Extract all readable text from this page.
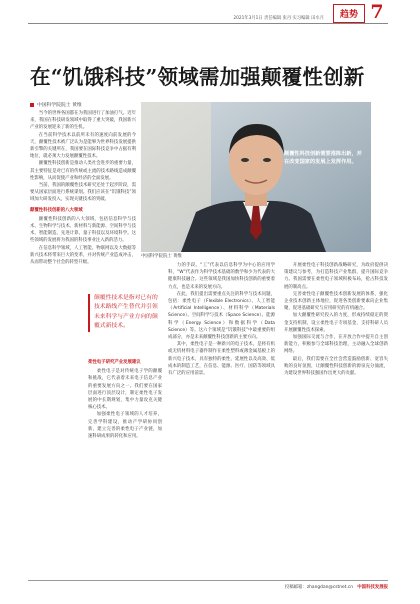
2021年3月1日 责任编辑 张丹 实习编辑 田水月	趋势 7
在“饥饿科技”领域需加强颠覆性创新
中国科学院院士 黄维

当今的世界各国都在为我国进行了加油打气。近年来，我国在科技研发领域中取得了重大突破，我国新兴产业的发展迎来了新的生机。

在当前科学技术以前所未有的速度向前发展的今天，颠覆性技术被广泛认为是能够为世界科技发展提供新引擎的关键所在，我国要在国际科技竞争中占据有利地位，就必须大力发展颠覆性技术。

颠覆性科技创新是推动人类社会进步的重要力量，其主要特征是对已有的传统或主流的技术路线造成颠覆性影响，从而促使产业和经济的全面发展。

当前，我国的颠覆性技术研究还处于起步阶段，需要从国家层面进行系统谋划。我们应该在“饥饿科技”领域加大研发投入，实现关键技术的突破。

颠覆性科技创新的八大领域

颠覆性科技创新的八大领域，包括信息科学与技术、生物科学与技术、新材料与新能源、空间科学与技术、智能制造、先进计算、量子科技以及环境科学。这些领域的发展将为我国的科技事业注入新的活力。

在信息科学领域，人工智能、物联网以及大数据等新兴技术将带来巨大的变革，并对传统产业造成冲击，从而带动整个社会的转型升级。

颠覆性科技创新需要推陈出新，并在改变国家的发展上发挥作用。
中国科学院院士 黄维
颠覆性技术是指对已有的技术路线产生替代并引领未来科学与产业方向的颠覆式新技术。

力的手段。“工”代表以信息科学为中心的应用学科，“W”代表作为科学技术基础的数学和少为代表的大健康科技融合。这些领域是我国加快科技创新的重要着力点，也是未来的发展方向。

在此，我们提出需要重点关注的科学与技术问题，包括：柔性电子（Flexible Electronics）、人工智能（Artificial Intelligence）、材料科学（Materials Science）、空间科学与技术（Space Science）、能源科学（Energy Science）和数据科学（Data Science）等。这六个领域是“饥饿科技”中最重要的组成部分，亦是未来颠覆性科技创新的主要方向。

其中，柔性电子是一种新兴的电子技术，是将有机或无机材料电子器件制作在柔性塑料或薄金属基板上的新兴电子技术，具有独特的柔性、延展性以及高效、低成本的制造工艺，在信息、能源、医疗、国防等领域具有广泛的应用前景。

柔性电子研究产业发展建议

柔性电子是对传统电子学的颠覆和挑战，它代表着未来电子信息产业的重要发展方向之一。我们要在国家层面进行顶层设计，制定柔性电子发展的中长期规划，集中力量攻克关键核心技术。

加强柔性电子领域的人才培养，完善学科建设，推动产学研协同创新，建立完善的柔性电子产业链，加速科研成果的转化和应用。

开展柔性电子科技创新战略研究，为政府提供决策建议与参考，为打造科技产业集群，提升国际竞争力。我国需要在柔性电子领域积极布局，抢占科技发展的制高点。

完善柔性电子颠覆性技术创新发展的体系，强化企业技术创新主体地位，促进各类创新要素向企业集聚，促进基础研究与应用研究的有机融合。

加大颠覆性研究投入的力度，形成持续稳定的资金支持机制，设立柔性电子专项基金，支持科研人员开展颠覆性技术探索。

加强国际交流与合作，在开放合作中提升自主创新能力，积极参与全球科技治理，主动融入全球创新网络。

最后，我们需要在全社会营造鼓励创新、宽容失败的良好氛围，让颠覆性科技创新的源泉充分涌流，为建设世界科技强国作出更大的贡献。

投稿邮箱：zhangdan@cstnet.cn 中国科技发展报
